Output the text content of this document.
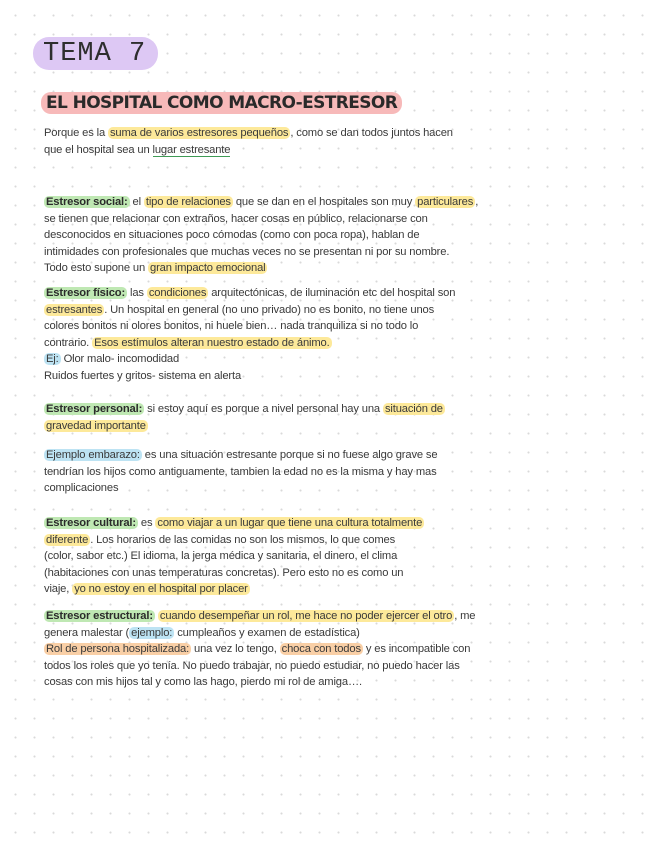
TEMA 7
EL HOSPITAL COMO MACRO-ESTRESOR
Porque es la suma de varios estresores pequeños , como se dan todos juntos hacen
que el hospital sea un lugar estresante
Estresor social: el tipo de relaciones que se dan en el hospitales son muy particulares ,
se tienen que relacionar con extraños, hacer cosas en público, relacionarse con
desconocidos en situaciones poco cómodas (como con poca ropa), hablan de
intimidades con profesionales que muchas veces no se presentan ni por su nombre.
Todo esto supone un gran impacto emocional
Estresor físico: las condiciones arquitectónicas, de iluminación etc del hospital son
estresantes . Un hospital en general (no uno privado) no es bonito, no tiene unos
colores bonitos ni olores bonitos, ni huele bien… nada tranquiliza si no todo lo
contrario. Esos estímulos alteran nuestro estado de ánimo.
Ej: Olor malo- incomodidad
Ruidos fuertes y gritos- sistema en alerta
Estresor personal: si estoy aquí es porque a nivel personal hay una situación de
gravedad importante
Ejemplo embarazo: es una situación estresante porque si no fuese algo grave se
tendrían los hijos como antiguamente, tambien la edad no es la misma y hay mas
complicaciones
Estresor cultural: es como viajar a un lugar que tiene una cultura totalmente
diferente . Los horarios de las comidas no son los mismos, lo que comes
(color, sabor etc.) El idioma, la jerga médica y sanitaria, el dinero, el clima
(habitaciones con unas temperaturas concretas). Pero esto no es como un
viaje, yo no estoy en el hospital por placer
Estresor estructural: cuando desempeñar un rol, me hace no poder ejercer el otro , me
genera malestar ( ejemplo: cumpleaños y examen de estadística)
Rol de persona hospitalizada: una vez lo tengo, choca con todos y es incompatible con
todos los roles que yo tenía. No puedo trabajar, no puedo estudiar, no puedo hacer las
cosas con mis hijos tal y como las hago, pierdo mi rol de amiga….
